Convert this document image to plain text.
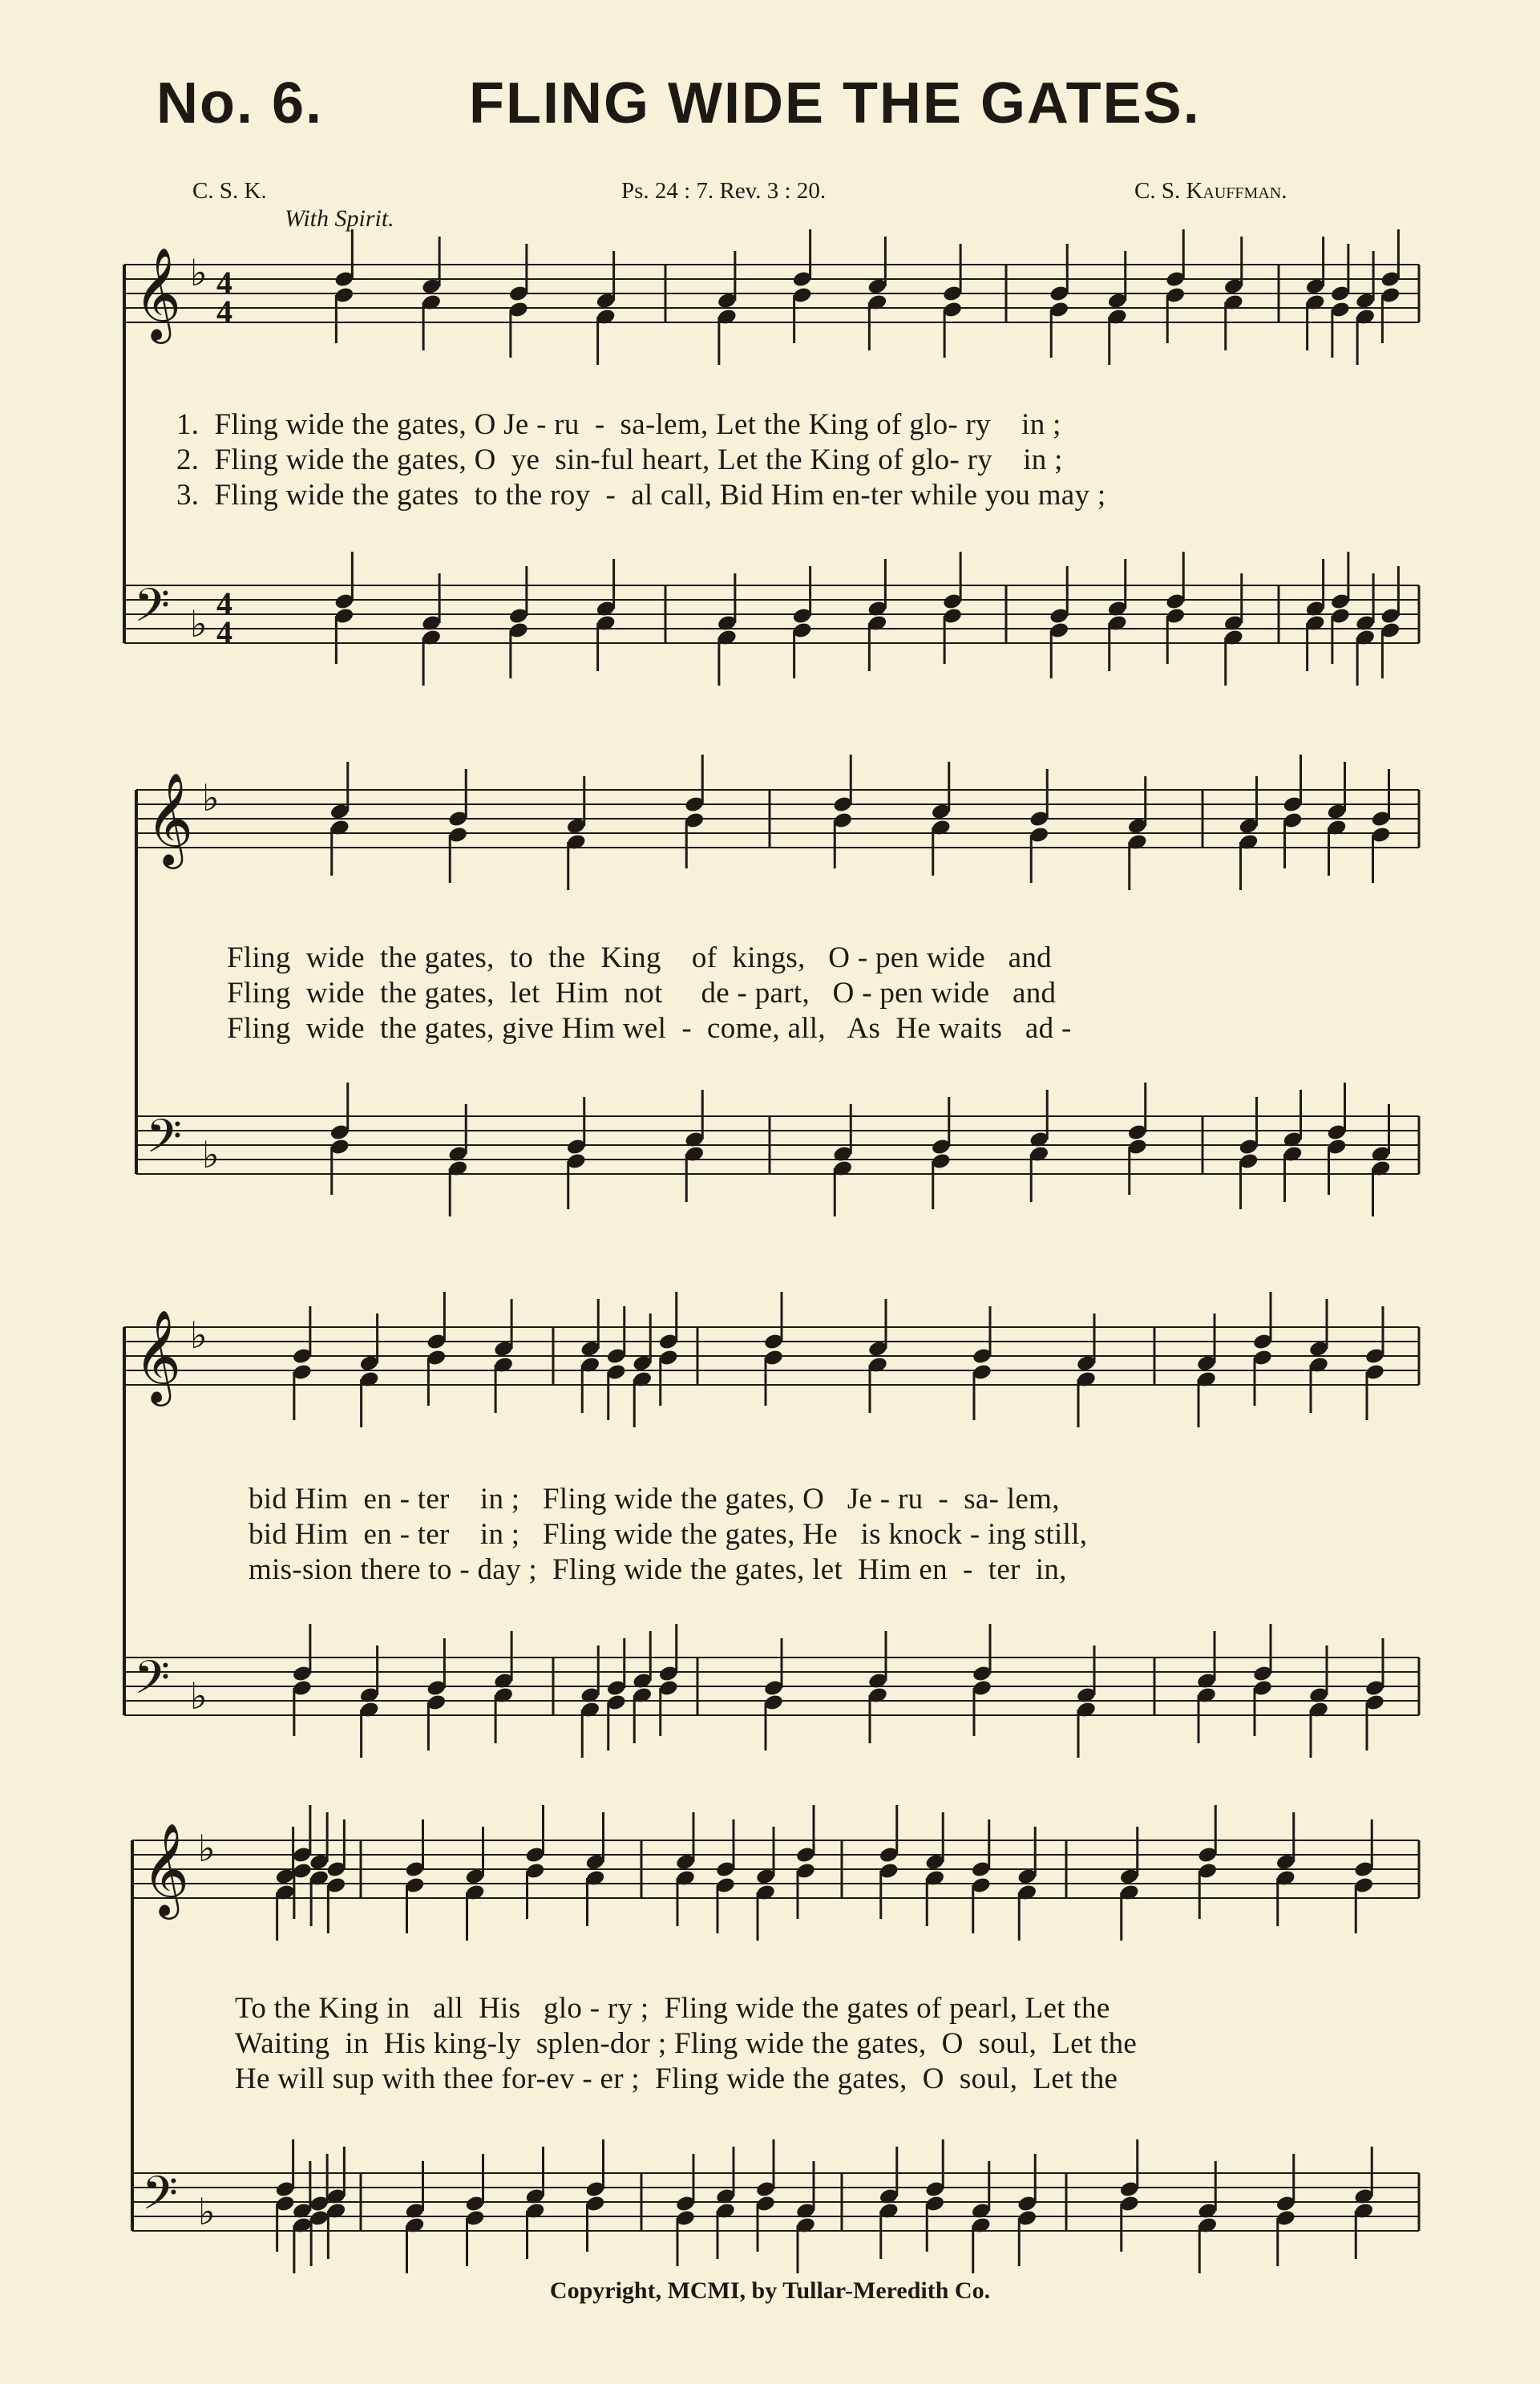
No. 6.	FLING WIDE THE GATES.
C. S. K.	Ps. 24 : 7. Rev. 3 : 20.	C. S. Kauffman.
With Spirit.
𝄞 ♭ 4
4
𝄢 ♭ 4
4
𝄞 ♭
𝄢 ♭
𝄞 ♭
𝄢 ♭
𝄞 ♭
𝄢 ♭
1.  Fling wide the gates, O Je - ru  -  sa-lem, Let the King of glo- ry    in ;
2.  Fling wide the gates, O  ye  sin-ful heart, Let the King of glo- ry    in ;
3.  Fling wide the gates  to the roy  -  al call, Bid Him en-ter while you may ;
Fling  wide  the gates,  to  the  King    of  kings,   O - pen wide   and
Fling  wide  the gates,  let  Him  not     de - part,   O - pen wide   and
Fling  wide  the gates, give Him wel  -  come, all,   As  He waits   ad -
bid Him  en - ter    in ;   Fling wide the gates, O   Je - ru  -  sa- lem,
bid Him  en - ter    in ;   Fling wide the gates, He   is knock - ing still,
mis-sion there to - day ;  Fling wide the gates, let  Him en  -  ter  in,
To the King in   all  His   glo - ry ;  Fling wide the gates of pearl, Let the
Waiting  in  His king-ly  splen-dor ; Fling wide the gates,  O  soul,  Let the
He will sup with thee for-ev - er ;  Fling wide the gates,  O  soul,  Let the
Copyright, MCMI, by Tullar-Meredith Co.
